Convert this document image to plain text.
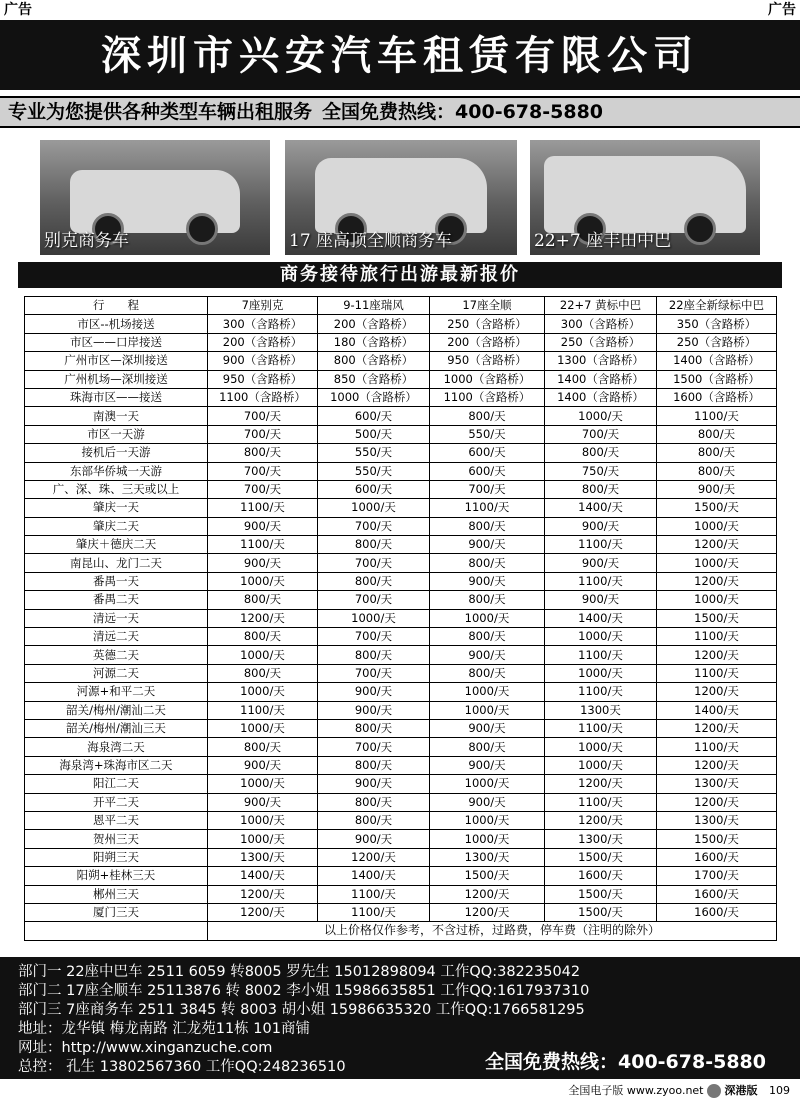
广告	广告
深圳市兴安汽车租赁有限公司
专业为您提供各种类型车辆出租服务 全国免费热线：400-678-5880
别克商务车	17 座高顶全顺商务车	22+7 座丰田中巴
商务接待旅行出游最新报价
行　　程	7座别克	9-11座瑞风	17座全顺	22+7 黄标中巴	22座全新绿标中巴
市区--机场接送	300（含路桥）	200（含路桥）	250（含路桥）	300（含路桥）	350（含路桥）
市区——口岸接送	200（含路桥）	180（含路桥）	200（含路桥）	250（含路桥）	250（含路桥）
广州市区—深圳接送	900（含路桥）	800（含路桥）	950（含路桥）	1300（含路桥）	1400（含路桥）
广州机场—深圳接送	950（含路桥）	850（含路桥）	1000（含路桥）	1400（含路桥）	1500（含路桥）
珠海市区——接送	1100（含路桥）	1000（含路桥）	1100（含路桥）	1400（含路桥）	1600（含路桥）
南澳一天	700/天	600/天	800/天	1000/天	1100/天
市区一天游	700/天	500/天	550/天	700/天	800/天
接机后一天游	800/天	550/天	600/天	800/天	800/天
东部华侨城一天游	700/天	550/天	600/天	750/天	800/天
广、深、珠、三天或以上	700/天	600/天	700/天	800/天	900/天
肇庆一天	1100/天	1000/天	1100/天	1400/天	1500/天
肇庆二天	900/天	700/天	800/天	900/天	1000/天
肇庆＋德庆二天	1100/天	800/天	900/天	1100/天	1200/天
南昆山、龙门二天	900/天	700/天	800/天	900/天	1000/天
番禺一天	1000/天	800/天	900/天	1100/天	1200/天
番禺二天	800/天	700/天	800/天	900/天	1000/天
清远一天	1200/天	1000/天	1000/天	1400/天	1500/天
清远二天	800/天	700/天	800/天	1000/天	1100/天
英德二天	1000/天	800/天	900/天	1100/天	1200/天
河源二天	800/天	700/天	800/天	1000/天	1100/天
河源+和平二天	1000/天	900/天	1000/天	1100/天	1200/天
韶关/梅州/潮汕二天	1100/天	900/天	1000/天	1300天	1400/天
韶关/梅州/潮汕三天	1000/天	800/天	900/天	1100/天	1200/天
海泉湾二天	800/天	700/天	800/天	1000/天	1100/天
海泉湾+珠海市区二天	900/天	800/天	900/天	1000/天	1200/天
阳江二天	1000/天	900/天	1000/天	1200/天	1300/天
开平二天	900/天	800/天	900/天	1100/天	1200/天
恩平二天	1000/天	800/天	1000/天	1200/天	1300/天
贺州三天	1000/天	900/天	1000/天	1300/天	1500/天
阳朔三天	1300/天	1200/天	1300/天	1500/天	1600/天
阳朔+桂林三天	1400/天	1400/天	1500/天	1600/天	1700/天
郴州三天	1200/天	1100/天	1200/天	1500/天	1600/天
厦门三天	1200/天	1100/天	1200/天	1500/天	1600/天
	以上价格仅作参考，不含过桥，过路费，停车费（注明的除外）				
部门一 22座中巴车 2511 6059 转8005 罗先生 15012898094 工作QQ:382235042
部门二 17座全顺车 25113876 转 8002 李小姐 15986635851 工作QQ:1617937310
部门三 7座商务车 2511 3845 转 8003 胡小姐 15986635320 工作QQ:1766581295
地址：龙华镇 梅龙南路 汇龙苑11栋 101商铺
网址：http://www.xinganzuche.com
总控： 孔生 13802567360 工作QQ:248236510	全国免费热线：400-678-5880
全国电子版 www.zyoo.net 深港版 109
